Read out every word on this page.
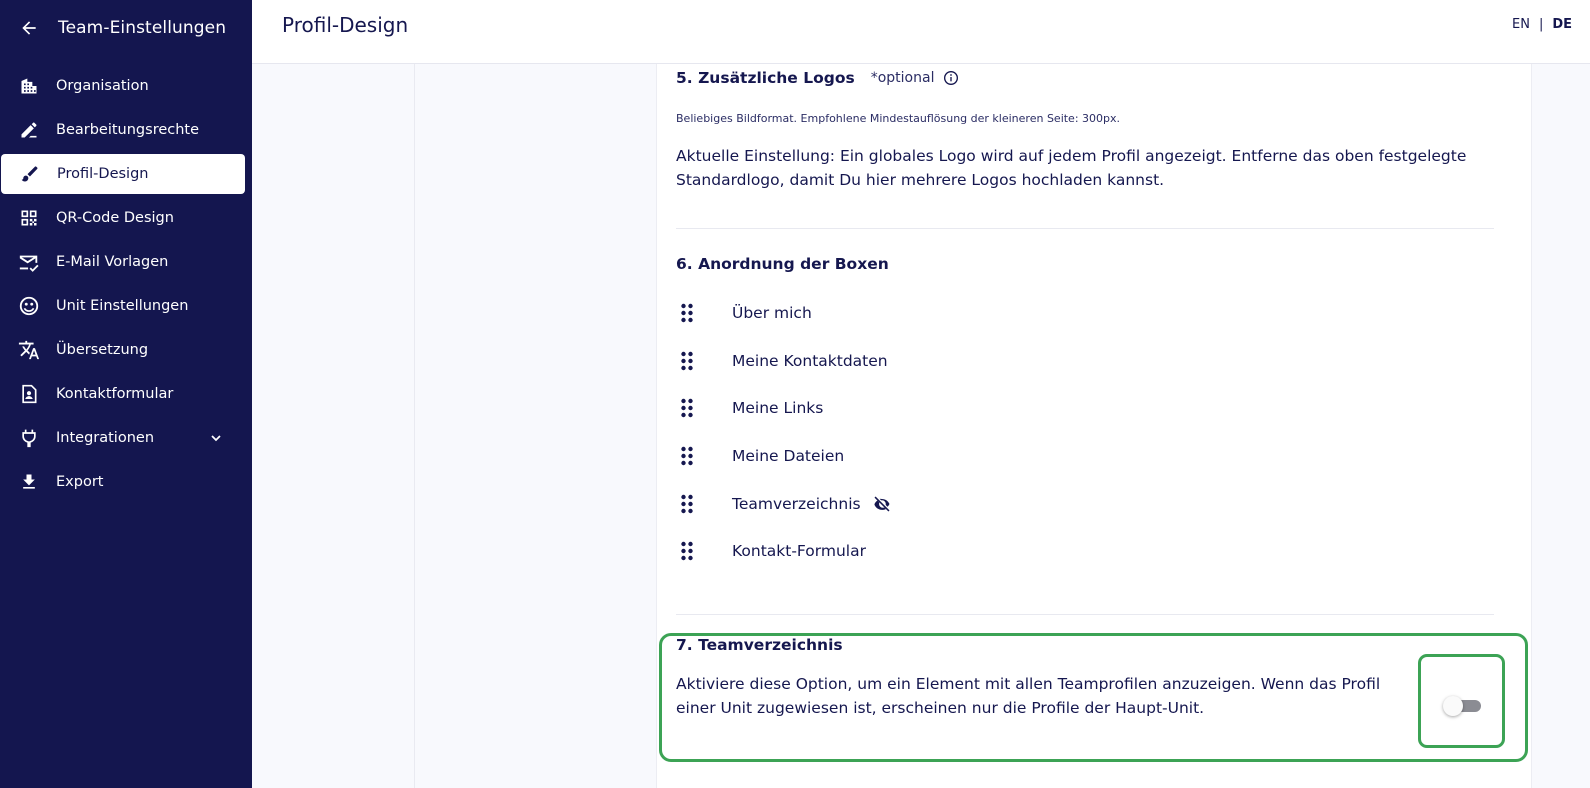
Team-Einstellungen
Organisation
Bearbeitungsrechte
Profil-Design
QR-Code Design
E-Mail Vorlagen
Unit Einstellungen
Übersetzung
Kontaktformular
Integrationen
Export
Profil-Design	EN | DE
5. Zusätzliche Logos *optional
Beliebiges Bildformat. Empfohlene Mindestauflösung der kleineren Seite: 300px.
Aktuelle Einstellung: Ein globales Logo wird auf jedem Profil angezeigt. Entferne das oben festgelegte
Standardlogo, damit Du hier mehrere Logos hochladen kannst.
6. Anordnung der Boxen
Über mich
Meine Kontaktdaten
Meine Links
Meine Dateien
Teamverzeichnis
Kontakt-Formular
7. Teamverzeichnis
Aktiviere diese Option, um ein Element mit allen Teamprofilen anzuzeigen. Wenn das Profil
einer Unit zugewiesen ist, erscheinen nur die Profile der Haupt-Unit.
